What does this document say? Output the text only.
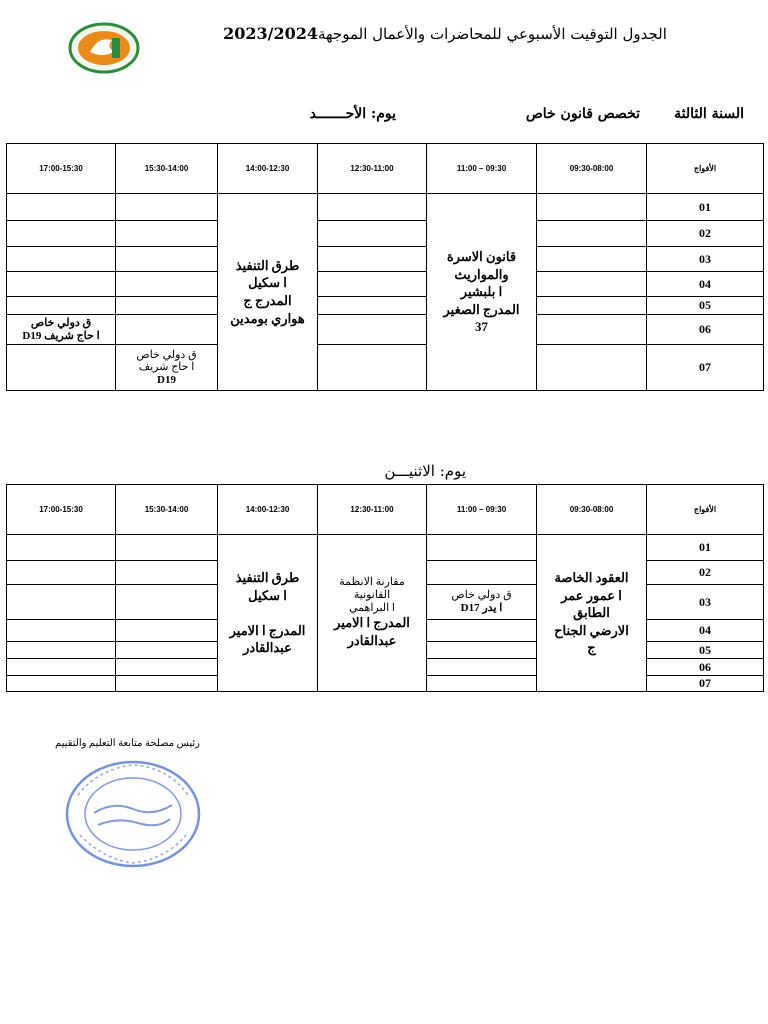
الجدول التوقيت الأسبوعي للمحاضرات والأعمال الموجهة2023/2024
السنة الثالثة
تخصص قانون خاص
يوم: الأحـــــــد
17:00-15:30	15:30-14:00	14:00-12:30	12:30-11:00	11:00 – 09:30	09:30-08:00	الأفواج

		طرق التنفيذ
ا سكيل
المدرج ج
هواري بومدين		قانون الاسرة
والمواريث
ا بلبشير
المدرج الصغير
37		01
						02
						03
						04
						05

ق دولي خاص
ا حاج شريف D19						06

	ق دولي خاص
ا حاج شريف
D19					07
يوم: الاثنيـــن
17:00-15:30	15:30-14:00	14:00-12:30	12:30-11:00	11:00 – 09:30	09:30-08:00	الأفواج

		طرق التنفيذ
ا سكيل

المدرج ا الامير
عبدالقادر	مقارنة الانظمة
القانونية
ا البراهمي
المدرج ا الامير
عبدالقادر		العقود الخاصة
ا عمور عمر
الطابق
الارضي الجناح
ج	01
						02

				ق دولي خاص
ا يدر D17		03
						04
						05
						06
						07
رئيس مصلحة متابعة التعليم والتقييم
